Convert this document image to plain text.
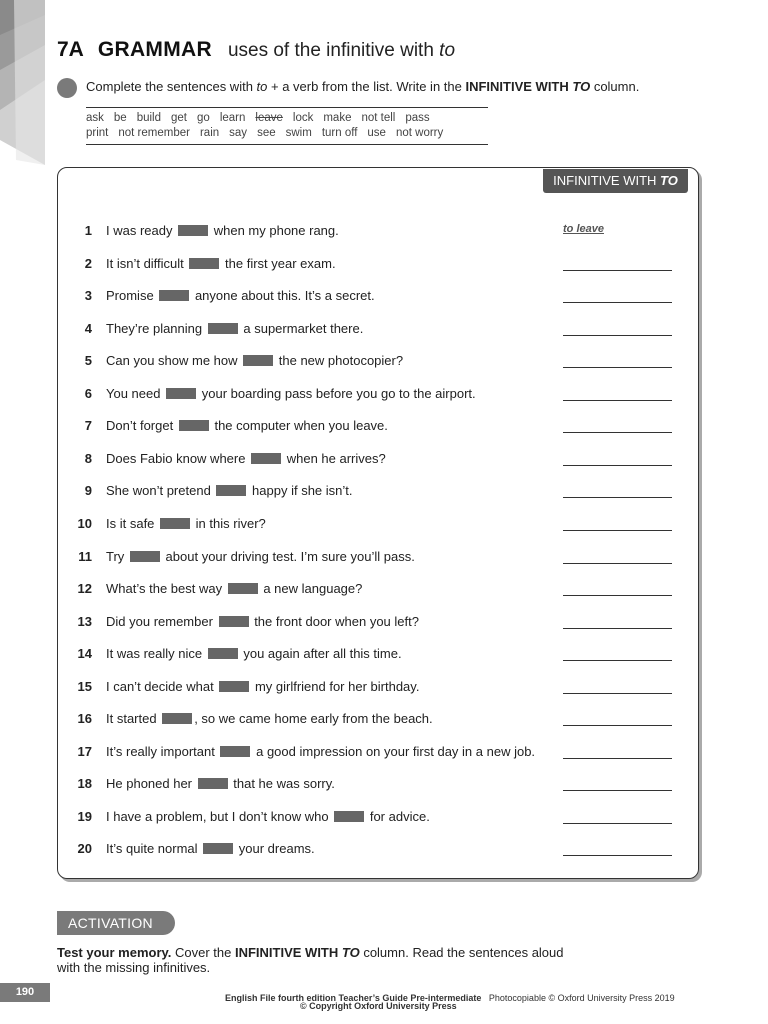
7A GRAMMAR uses of the infinitive with to
Complete the sentences with to + a verb from the list. Write in the INFINITIVE WITH TO column.
ask be build get go learn leave lock make not tell pass
print not remember rain say see swim turn off use not worry
INFINITIVE WITH TO
1 I was ready	when my phone rang.	to leave
2 It isn’t difficult	the first year exam.
3 Promise	anyone about this. It’s a secret.
4 They’re planning	a supermarket there.
5 Can you show me how	the new photocopier?
6 You need	your boarding pass before you go to the airport.
7 Don’t forget	the computer when you leave.
8 Does Fabio know where	when he arrives?
9 She won’t pretend	happy if she isn’t.
10 Is it safe	in this river?
11 Try	about your driving test. I’m sure you’ll pass.
12 What’s the best way	a new language?
13 Did you remember	the front door when you left?
14 It was really nice	you again after all this time.
15 I can’t decide what	my girlfriend for her birthday.
16 It started	, so we came home early from the beach.
17 It’s really important	a good impression on your first day in a new job.
18 He phoned her	that he was sorry.
19 I have a problem, but I don’t know who	for advice.
20 It’s quite normal	your dreams.
ACTIVATION
Test your memory. Cover the INFINITIVE WITH TO column. Read the sentences aloud with the missing infinitives.
190	English File fourth edition Teacher’s Guide Pre-intermediate Photocopiable © Oxford University Press 2019
© Copyright Oxford University Press
